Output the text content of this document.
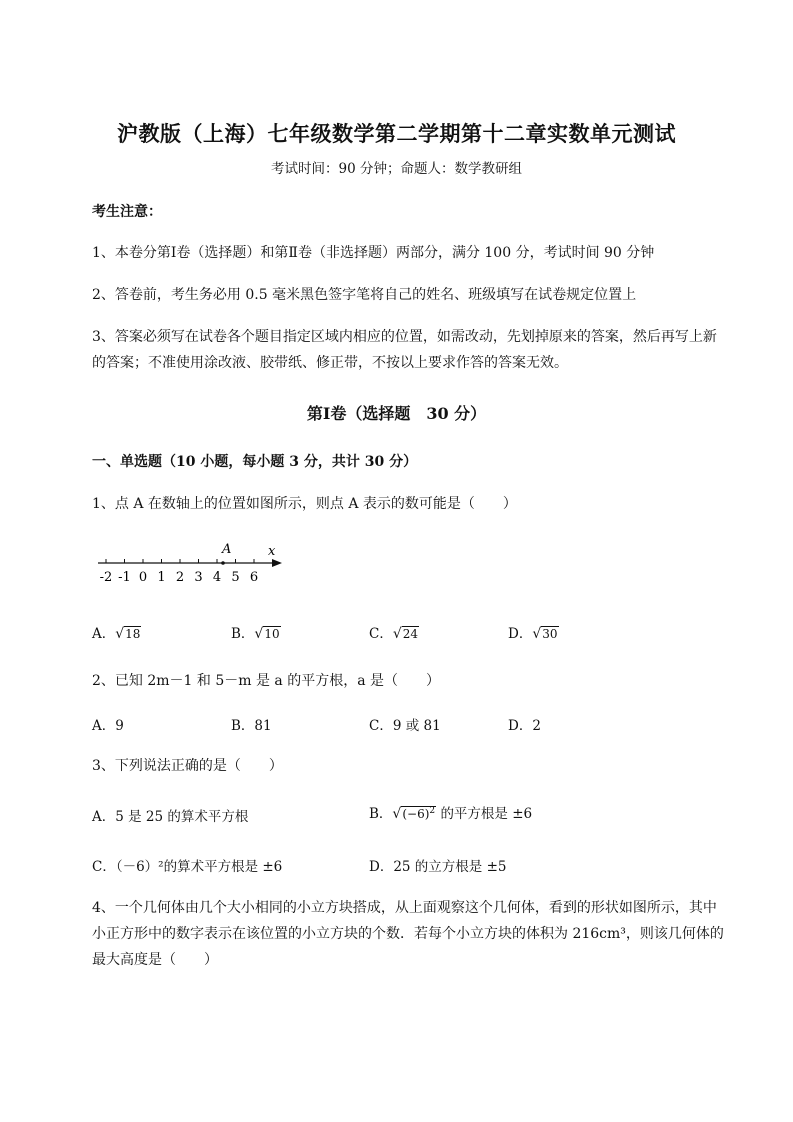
沪教版（上海）七年级数学第二学期第十二章实数单元测试
考试时间：90 分钟；命题人：数学教研组
考生注意：
1、本卷分第Ⅰ卷（选择题）和第Ⅱ卷（非选择题）两部分，满分 100 分，考试时间 90 分钟
2、答卷前，考生务必用 0.5 毫米黑色签字笔将自己的姓名、班级填写在试卷规定位置上
3、答案必须写在试卷各个题目指定区域内相应的位置，如需改动，先划掉原来的答案，然后再写上新
的答案；不准使用涂改液、胶带纸、修正带，不按以上要求作答的答案无效。
第Ⅰ卷（选择题　30 分）
一、单选题（10 小题，每小题 3 分，共计 30 分）
1、点 A 在数轴上的位置如图所示，则点 A 表示的数可能是（　　）
-2 -1 0 1 2 3 4 5 6
A	x
A．√18	B．√10	C．√24	D．√30
2、已知 2m－1 和 5－m 是 a 的平方根，a 是（　　）
A．9	B．81	C．9 或 81	D．2
3、下列说法正确的是（　　）
A．5 是 25 的算术平方根	B．$√(-6)^2$ 的平方根是 ±6
C．（－6）²的算术平方根是 ±6	D．25 的立方根是 ±5
4、一个几何体由几个大小相同的小立方块搭成，从上面观察这个几何体，看到的形状如图所示，其中
小正方形中的数字表示在该位置的小立方块的个数．若每个小立方块的体积为 216cm³，则该几何体的
最大高度是（　　）
